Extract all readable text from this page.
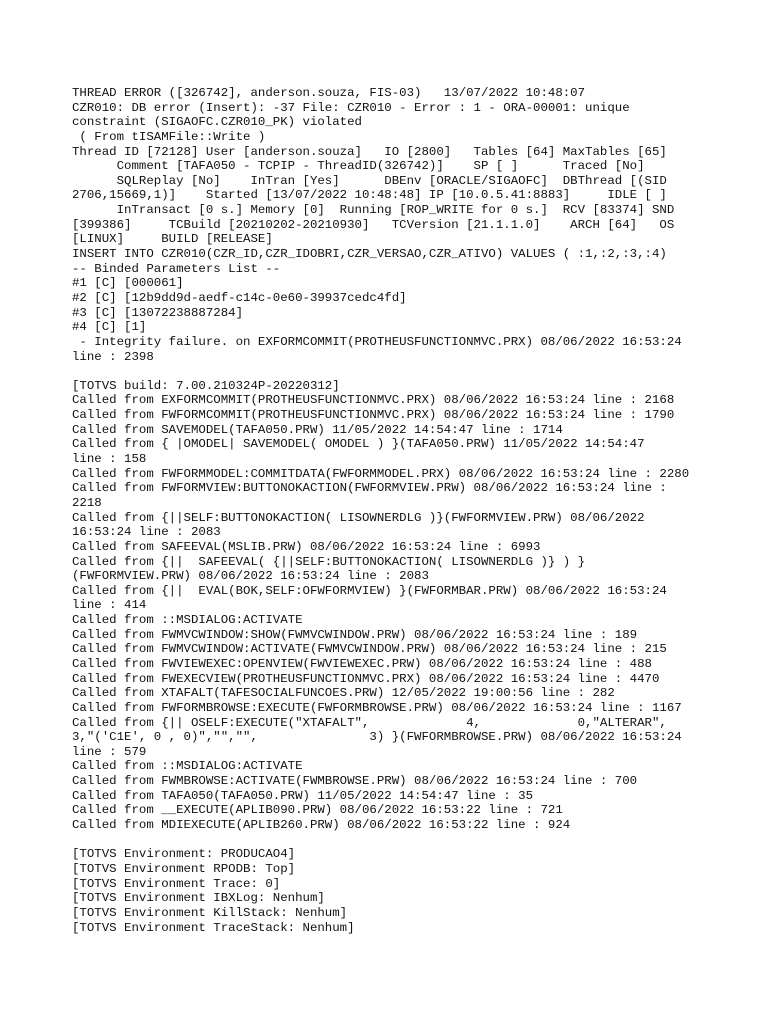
THREAD ERROR ([326742], anderson.souza, FIS-03)   13/07/2022 10:48:07
CZR010: DB error (Insert): -37 File: CZR010 - Error : 1 - ORA-00001: unique
constraint (SIGAOFC.CZR010_PK) violated
( From tISAMFile::Write )
Thread ID [72128] User [anderson.souza]   IO [2800]   Tables [64] MaxTables [65]
Comment [TAFA050 - TCPIP - ThreadID(326742)]    SP [ ]      Traced [No]
SQLReplay [No]    InTran [Yes]      DBEnv [ORACLE/SIGAOFC]  DBThread [(SID
2706,15669,1)]    Started [13/07/2022 10:48:48] IP [10.0.5.41:8883]     IDLE [ ]
InTransact [0 s.] Memory [0]  Running [ROP_WRITE for 0 s.]  RCV [83374] SND
[399386]     TCBuild [20210202-20210930]   TCVersion [21.1.1.0]    ARCH [64]   OS
[LINUX]     BUILD [RELEASE]
INSERT INTO CZR010(CZR_ID,CZR_IDOBRI,CZR_VERSAO,CZR_ATIVO) VALUES ( :1,:2,:3,:4)
-- Binded Parameters List --
#1 [C] [000061]
#2 [C] [12b9dd9d-aedf-c14c-0e60-39937cedc4fd]
#3 [C] [13072238887284]
#4 [C] [1]
- Integrity failure. on EXFORMCOMMIT(PROTHEUSFUNCTIONMVC.PRX) 08/06/2022 16:53:24
line : 2398
[TOTVS build: 7.00.210324P-20220312]
Called from EXFORMCOMMIT(PROTHEUSFUNCTIONMVC.PRX) 08/06/2022 16:53:24 line : 2168
Called from FWFORMCOMMIT(PROTHEUSFUNCTIONMVC.PRX) 08/06/2022 16:53:24 line : 1790
Called from SAVEMODEL(TAFA050.PRW) 11/05/2022 14:54:47 line : 1714
Called from { |OMODEL| SAVEMODEL( OMODEL ) }(TAFA050.PRW) 11/05/2022 14:54:47
line : 158
Called from FWFORMMODEL:COMMITDATA(FWFORMMODEL.PRX) 08/06/2022 16:53:24 line : 2280
Called from FWFORMVIEW:BUTTONOKACTION(FWFORMVIEW.PRW) 08/06/2022 16:53:24 line :
2218
Called from {||SELF:BUTTONOKACTION( LISOWNERDLG )}(FWFORMVIEW.PRW) 08/06/2022
16:53:24 line : 2083
Called from SAFEEVAL(MSLIB.PRW) 08/06/2022 16:53:24 line : 6993
Called from {||  SAFEEVAL( {||SELF:BUTTONOKACTION( LISOWNERDLG )} ) }
(FWFORMVIEW.PRW) 08/06/2022 16:53:24 line : 2083
Called from {||  EVAL(BOK,SELF:OFWFORMVIEW) }(FWFORMBAR.PRW) 08/06/2022 16:53:24
line : 414
Called from ::MSDIALOG:ACTIVATE
Called from FWMVCWINDOW:SHOW(FWMVCWINDOW.PRW) 08/06/2022 16:53:24 line : 189
Called from FWMVCWINDOW:ACTIVATE(FWMVCWINDOW.PRW) 08/06/2022 16:53:24 line : 215
Called from FWVIEWEXEC:OPENVIEW(FWVIEWEXEC.PRW) 08/06/2022 16:53:24 line : 488
Called from FWEXECVIEW(PROTHEUSFUNCTIONMVC.PRX) 08/06/2022 16:53:24 line : 4470
Called from XTAFALT(TAFESOCIALFUNCOES.PRW) 12/05/2022 19:00:56 line : 282
Called from FWFORMBROWSE:EXECUTE(FWFORMBROWSE.PRW) 08/06/2022 16:53:24 line : 1167
Called from {|| OSELF:EXECUTE("XTAFALT",             4,             0,"ALTERAR",
3,"('C1E', 0 , 0)","","",               3) }(FWFORMBROWSE.PRW) 08/06/2022 16:53:24
line : 579
Called from ::MSDIALOG:ACTIVATE
Called from FWMBROWSE:ACTIVATE(FWMBROWSE.PRW) 08/06/2022 16:53:24 line : 700
Called from TAFA050(TAFA050.PRW) 11/05/2022 14:54:47 line : 35
Called from __EXECUTE(APLIB090.PRW) 08/06/2022 16:53:22 line : 721
Called from MDIEXECUTE(APLIB260.PRW) 08/06/2022 16:53:22 line : 924
[TOTVS Environment: PRODUCAO4]
[TOTVS Environment RPODB: Top]
[TOTVS Environment Trace: 0]
[TOTVS Environment IBXLog: Nenhum]
[TOTVS Environment KillStack: Nenhum]
[TOTVS Environment TraceStack: Nenhum]
